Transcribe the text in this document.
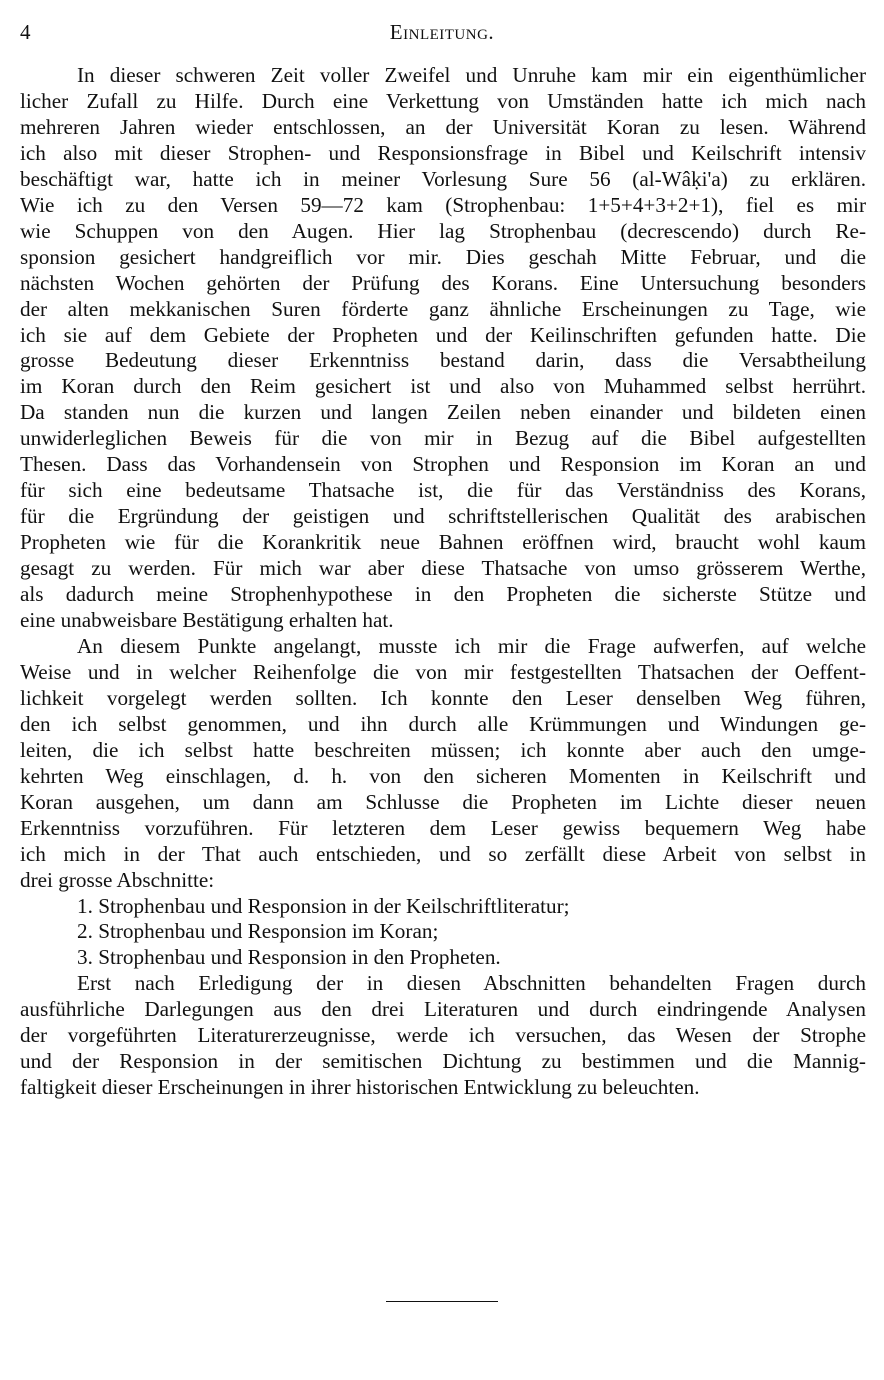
4	Einleitung.
In dieser schweren Zeit voller Zweifel und Unruhe kam mir ein eigenthümlicher
licher Zufall zu Hilfe. Durch eine Verkettung von Umständen hatte ich mich nach
mehreren Jahren wieder entschlossen, an der Universität Koran zu lesen. Während
ich also mit dieser Strophen- und Responsionsfrage in Bibel und Keilschrift intensiv
beschäftigt war, hatte ich in meiner Vorlesung Sure 56 (al-Wâḳi'a) zu erklären.
Wie ich zu den Versen 59—72 kam (Strophenbau: 1+5+4+3+2+1), fiel es mir
wie Schuppen von den Augen. Hier lag Strophenbau (decrescendo) durch Re-
sponsion gesichert handgreiflich vor mir. Dies geschah Mitte Februar, und die
nächsten Wochen gehörten der Prüfung des Korans. Eine Untersuchung besonders
der alten mekkanischen Suren förderte ganz ähnliche Erscheinungen zu Tage, wie
ich sie auf dem Gebiete der Propheten und der Keilinschriften gefunden hatte. Die
grosse Bedeutung dieser Erkenntniss bestand darin, dass die Versabtheilung
im Koran durch den Reim gesichert ist und also von Muhammed selbst herrührt.
Da standen nun die kurzen und langen Zeilen neben einander und bildeten einen
unwiderleglichen Beweis für die von mir in Bezug auf die Bibel aufgestellten
Thesen. Dass das Vorhandensein von Strophen und Responsion im Koran an und
für sich eine bedeutsame Thatsache ist, die für das Verständniss des Korans,
für die Ergründung der geistigen und schriftstellerischen Qualität des arabischen
Propheten wie für die Korankritik neue Bahnen eröffnen wird, braucht wohl kaum
gesagt zu werden. Für mich war aber diese Thatsache von umso grösserem Werthe,
als dadurch meine Strophenhypothese in den Propheten die sicherste Stütze und
eine unabweisbare Bestätigung erhalten hat.
An diesem Punkte angelangt, musste ich mir die Frage aufwerfen, auf welche
Weise und in welcher Reihenfolge die von mir festgestellten Thatsachen der Oeffent-
lichkeit vorgelegt werden sollten. Ich konnte den Leser denselben Weg führen,
den ich selbst genommen, und ihn durch alle Krümmungen und Windungen ge-
leiten, die ich selbst hatte beschreiten müssen; ich konnte aber auch den umge-
kehrten Weg einschlagen, d. h. von den sicheren Momenten in Keilschrift und
Koran ausgehen, um dann am Schlusse die Propheten im Lichte dieser neuen
Erkenntniss vorzuführen. Für letzteren dem Leser gewiss bequemern Weg habe
ich mich in der That auch entschieden, und so zerfällt diese Arbeit von selbst in
drei grosse Abschnitte:
1. Strophenbau und Responsion in der Keilschriftliteratur;
2. Strophenbau und Responsion im Koran;
3. Strophenbau und Responsion in den Propheten.
Erst nach Erledigung der in diesen Abschnitten behandelten Fragen durch
ausführliche Darlegungen aus den drei Literaturen und durch eindringende Analysen
der vorgeführten Literaturerzeugnisse, werde ich versuchen, das Wesen der Strophe
und der Responsion in der semitischen Dichtung zu bestimmen und die Mannig-
faltigkeit dieser Erscheinungen in ihrer historischen Entwicklung zu beleuchten.
